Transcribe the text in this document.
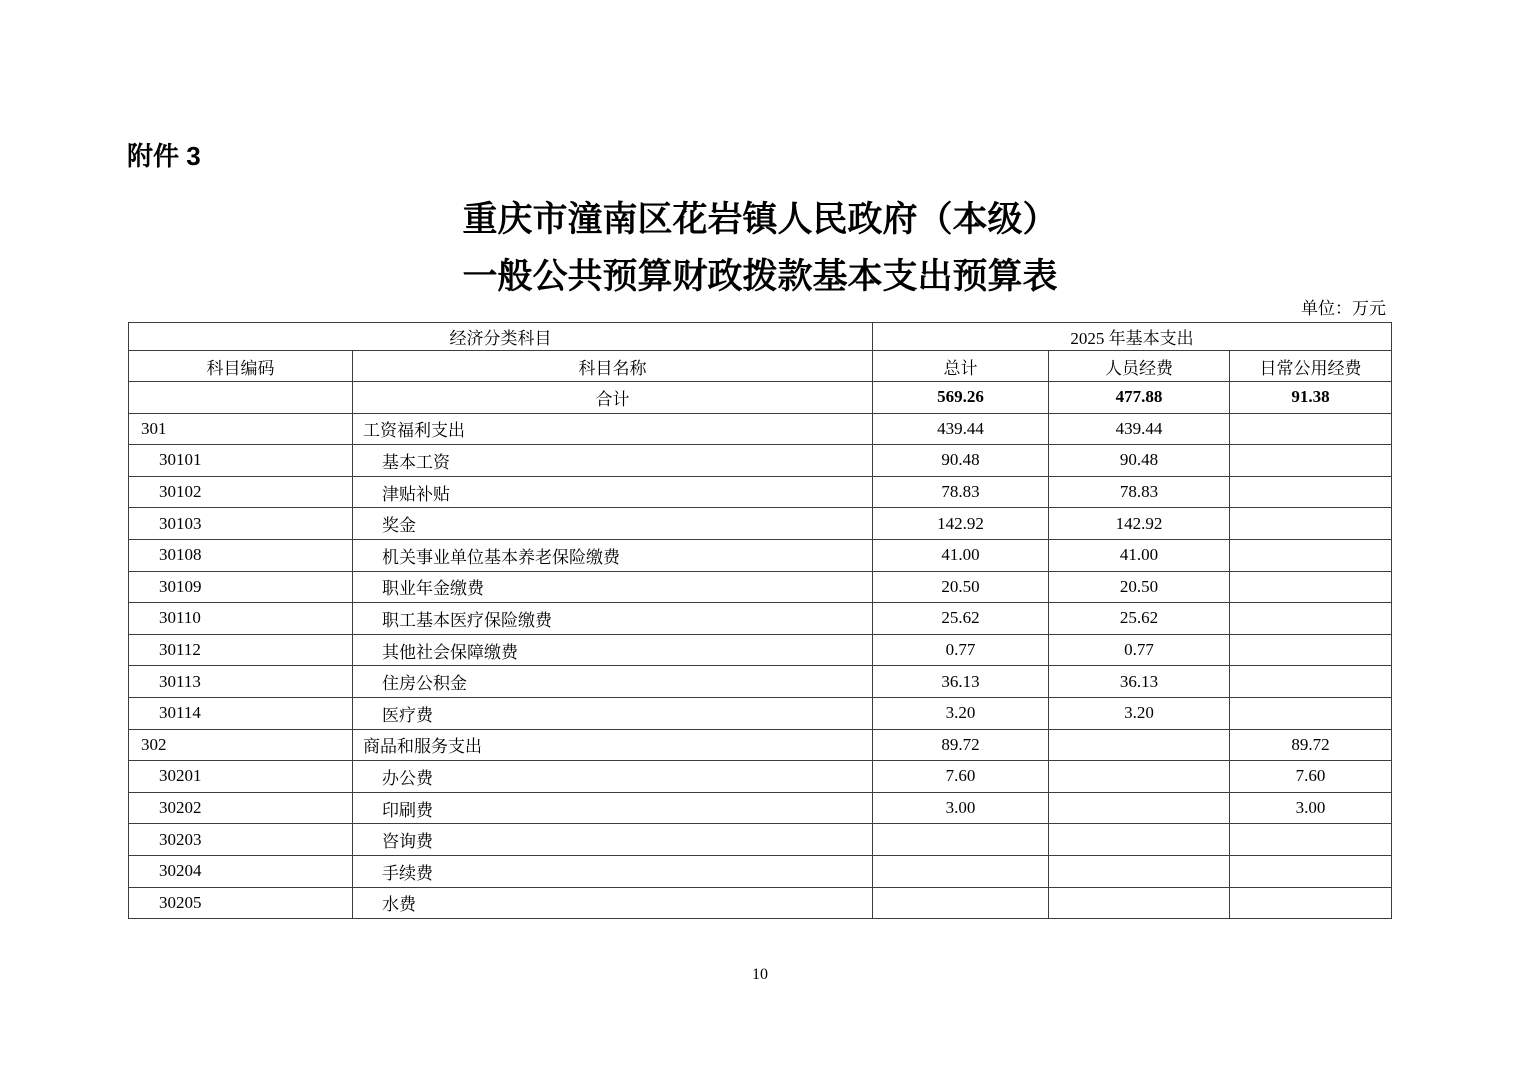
附件 3
重庆市潼南区花岩镇人民政府（本级）
一般公共预算财政拨款基本支出预算表
单位：万元
经济分类科目		2025 年基本支出		
科目编码	科目名称	总计	人员经费	日常公用经费
	合计	569.26	477.88	91.38
301	工资福利支出	439.44	439.44	
30101	基本工资	90.48	90.48	
30102	津贴补贴	78.83	78.83	
30103	奖金	142.92	142.92	
30108	机关事业单位基本养老保险缴费	41.00	41.00	
30109	职业年金缴费	20.50	20.50	
30110	职工基本医疗保险缴费	25.62	25.62	
30112	其他社会保障缴费	0.77	0.77	
30113	住房公积金	36.13	36.13	
30114	医疗费	3.20	3.20	
302	商品和服务支出	89.72		89.72
30201	办公费	7.60		7.60
30202	印刷费	3.00		3.00
30203	咨询费			
30204	手续费			
30205	水费			
10
